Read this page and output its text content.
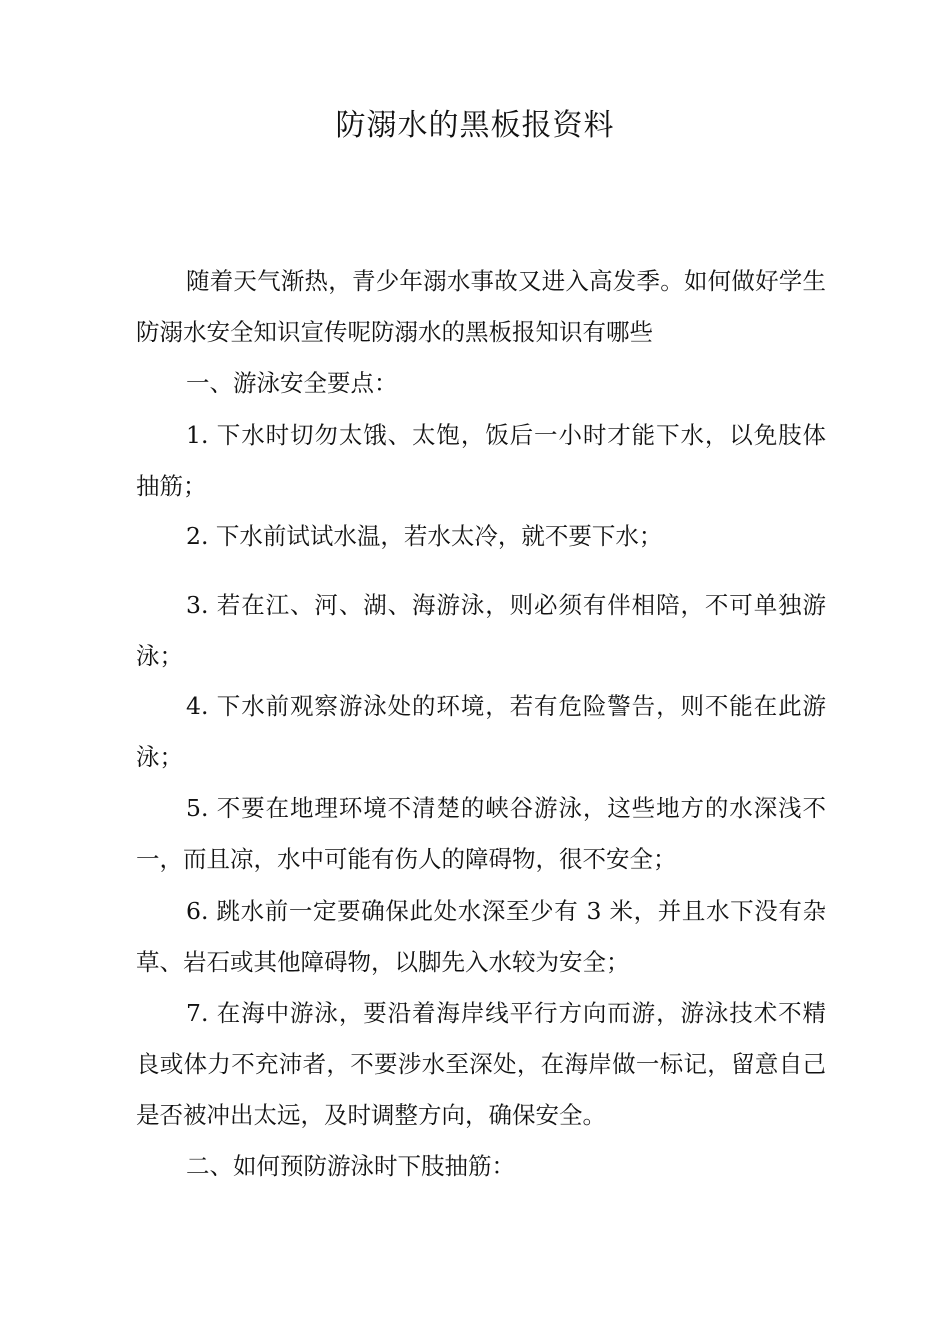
防溺水的黑板报资料

随着天气渐热，青少年溺水事故又进入高发季。如何做好学生防溺水安全知识宣传呢防溺水的黑板报知识有哪些

一、游泳安全要点：

1. 下水时切勿太饿、太饱，饭后一小时才能下水，以免肢体抽筋；

2. 下水前试试水温，若水太冷，就不要下水；

3. 若在江、河、湖、海游泳，则必须有伴相陪，不可单独游泳；

4. 下水前观察游泳处的环境，若有危险警告，则不能在此游泳；

5. 不要在地理环境不清楚的峡谷游泳，这些地方的水深浅不一，而且凉，水中可能有伤人的障碍物，很不安全；

6. 跳水前一定要确保此处水深至少有 3 米，并且水下没有杂草、岩石或其他障碍物，以脚先入水较为安全；

7. 在海中游泳，要沿着海岸线平行方向而游，游泳技术不精良或体力不充沛者，不要涉水至深处，在海岸做一标记，留意自己是否被冲出太远，及时调整方向，确保安全。

二、如何预防游泳时下肢抽筋：
